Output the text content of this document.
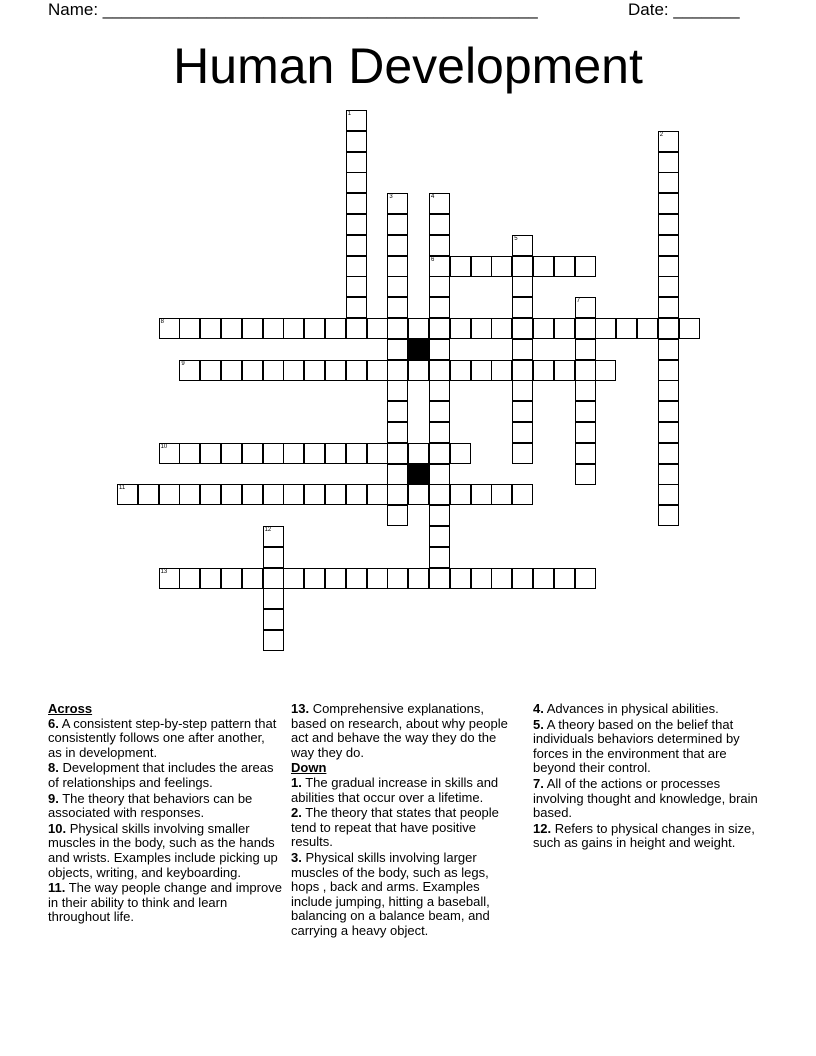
Name: ______________________________________________	Date: _______
Human Development
1
2
3	4
6
5
7
8
9
10
11
12
13
Across
6. A consistent step-by-step pattern that consistently follows one after another, as in development.
8. Development that includes the areas of relationships and feelings.
9. The theory that behaviors can be associated with responses.
10. Physical skills involving smaller muscles in the body, such as the hands and wrists. Examples include picking up objects, writing, and keyboarding.
11. The way people change and improve in their ability to think and learn throughout life.
13. Comprehensive explanations, based on research, about why people act and behave the way they do the way they do.
Down
1. The gradual increase in skills and abilities that occur over a lifetime.
2. The theory that states that people tend to repeat that have positive results.
3. Physical skills involving larger muscles of the body, such as legs, hops , back and arms. Examples include jumping, hitting a baseball, balancing on a balance beam, and carrying a heavy object.
4. Advances in physical abilities.
5. A theory based on the belief that individuals behaviors determined by forces in the environment that are beyond their control.
7. All of the actions or processes involving thought and knowledge, brain based.
12. Refers to physical changes in size, such as gains in height and weight.
